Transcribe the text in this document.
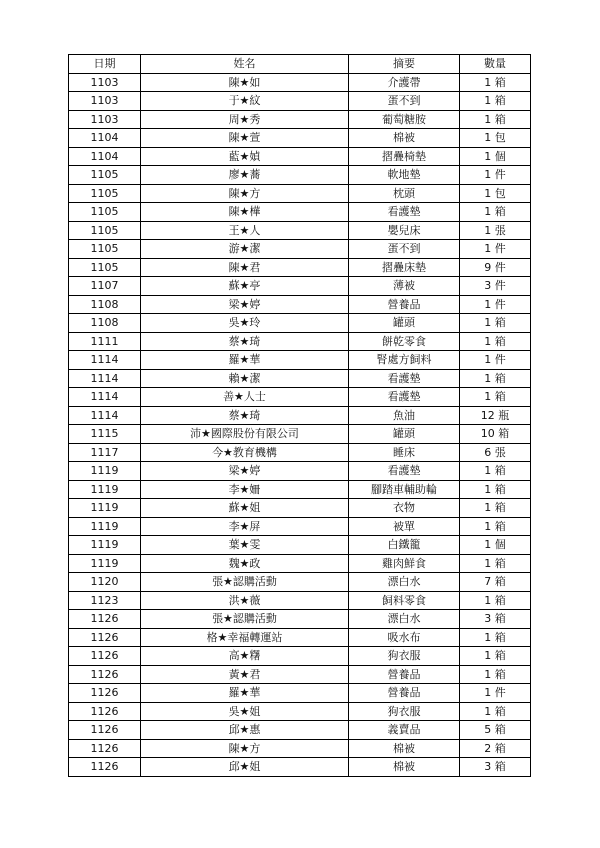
日期	姓名	摘要	數量
1103	陳★如	介護帶	1 箱
1103	于★紋	蛋不到	1 箱
1103	周★秀	葡萄糖胺	1 箱
1104	陳★萱	棉被	1 包
1104	藍★媜	摺疊椅墊	1 個
1105	廖★蕎	軟地墊	1 件
1105	陳★方	枕頭	1 包
1105	陳★樺	看護墊	1 箱
1105	王★人	嬰兒床	1 張
1105	游★潔	蛋不到	1 件
1105	陳★君	摺疊床墊	9 件
1107	蘇★亭	薄被	3 件
1108	梁★婷	營養品	1 件
1108	吳★玲	罐頭	1 箱
1111	蔡★琦	餅乾零食	1 箱
1114	羅★華	腎處方飼料	1 件
1114	賴★潔	看護墊	1 箱
1114	善★人士	看護墊	1 箱
1114	蔡★琦	魚油	12 瓶
1115	沛★國際股份有限公司	罐頭	10 箱
1117	今★教育機構	睡床	6 張
1119	梁★婷	看護墊	1 箱
1119	李★姍	腳踏車輔助輪	1 箱
1119	蘇★姐	衣物	1 箱
1119	李★屏	被單	1 箱
1119	葉★雯	白鐵籠	1 個
1119	魏★政	雞肉鮮食	1 箱
1120	張★認購活動	漂白水	7 箱
1123	洪★薇	飼料零食	1 箱
1126	張★認購活動	漂白水	3 箱
1126	格★幸福轉運站	吸水布	1 箱
1126	高★糬	狗衣服	1 箱
1126	黃★君	營養品	1 箱
1126	羅★華	營養品	1 件
1126	吳★姐	狗衣服	1 箱
1126	邱★惠	義賣品	5 箱
1126	陳★方	棉被	2 箱
1126	邱★姐	棉被	3 箱
